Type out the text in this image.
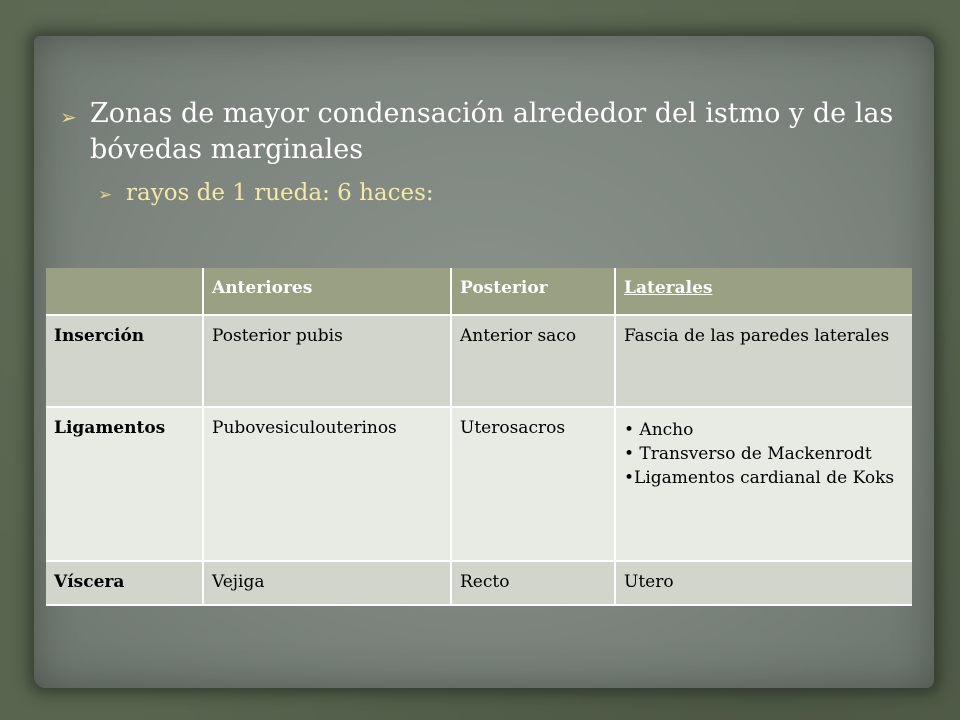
➢ Zonas de mayor condensación alrededor del istmo y de las bóvedas marginales
➢ rayos de 1 rueda: 6 haces:
	Anteriores	Posterior	Laterales
Inserción	Posterior pubis	Anterior saco	Fascia de las paredes laterales
Ligamentos	Pubovesiculouterinos	Uterosacros	• Ancho
• Transverso de Mackenrodt
•Ligamentos cardianal de Koks

Víscera	Vejiga	Recto	Utero
